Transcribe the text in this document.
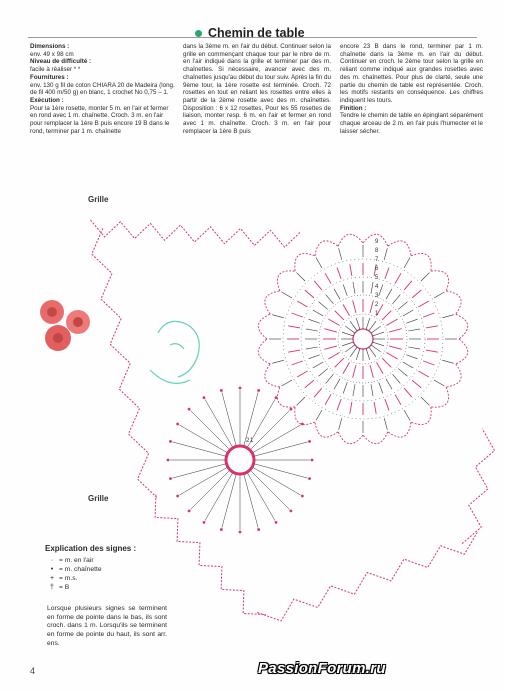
Chemin de table
Dimensions :
env. 49 x 98 cm
Niveau de difficulté :
facile à réaliser * *
Fournitures :
env. 130 g fil de coton CHIARA 20 de Madeira (long. de fil 400 m/50 g) en blanc, 1 crochet No 0,75 – 1.
Exécution :
Pour la 1ère rosette, monter 5 m. en l'air et fermer en rond avec 1 m. chaînette. Croch. 3 m. en l'air pour remplacer la 1ère B puis encore 19 B dans le rond, terminer par 1 m. chaînette
dans la 3ème m. en l'air du début. Continuer selon la grille en commençant chaque tour par le nbre de m. en l'air indiqué dans la grille et terminer par des m. chaînettes. Si nécessaire, avancer avec des m. chaînettes jusqu'au début du tour suiv. Après la fin du 9ème tour, la 1ère rosette est terminée. Croch. 72 rosettes en tout en reliant les rosettes entre elles à partir de la 2ème rosette avec des m. chaînettes. Disposition : 6 x 12 rosettes. Pour les 55 rosettes de liaison, monter resp. 6 m. en l'air et fermer en rond avec 1 m. chaînette. Croch. 3 m. en l'air pour remplacer la 1ère B puis
encore 23 B dans le rond, terminer par 1 m. chaînette dans la 3ème m. en l'air du début. Continuer en croch. le 2ème tour selon la grille en reliant comme indiqué aux grandes rosettes avec des m. chaînettes. Pour plus de clarté, seule une partie du chemin de table est représentée. Croch. les motifs restants en conséquence. Les chiffres indiquent les tours.
Finition :
Tendre le chemin de table en épinglant séparément chaque arceau de 2 m. en l'air puis l'humecter et le laisser sécher.
Grille
Grille
9
8
7
6
5
4
3
2
1
2 1
Explication des signes :
· = m. en l'air
• = m. chaînette
+ = m.s.
† = B
Lorsque plusieurs signes se terminent en forme de pointe dans le bas, ils sont croch. dans 1 m. Lorsqu'ils se terminent en forme de pointe du haut, ils sont arr. ens.
4	PassionForum.ru
